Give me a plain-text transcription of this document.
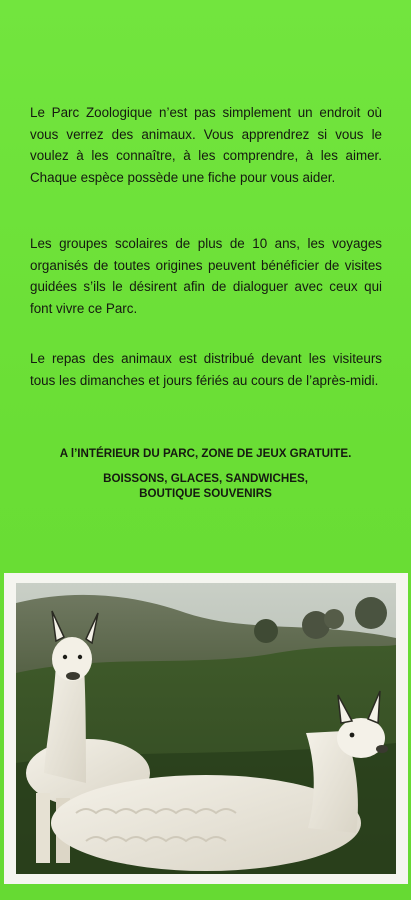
Le Parc Zoologique n’est pas simplement un endroit où vous verrez des animaux. Vous apprendrez si vous le voulez à les connaître, à les comprendre, à les aimer. Chaque espèce possède une fiche pour vous aider.

Les groupes scolaires de plus de 10 ans, les voyages organisés de toutes origines peuvent bénéficier de visites guidées s’ils le désirent afin de dialoguer avec ceux qui font vivre ce Parc.

Le repas des animaux est distribué devant les visiteurs tous les dimanches et jours fériés au cours de l’après-midi.

A l’INTÉRIEUR DU PARC, ZONE DE JEUX GRATUITE.

BOISSONS, GLACES, SANDWICHES,

BOUTIQUE SOUVENIRS
